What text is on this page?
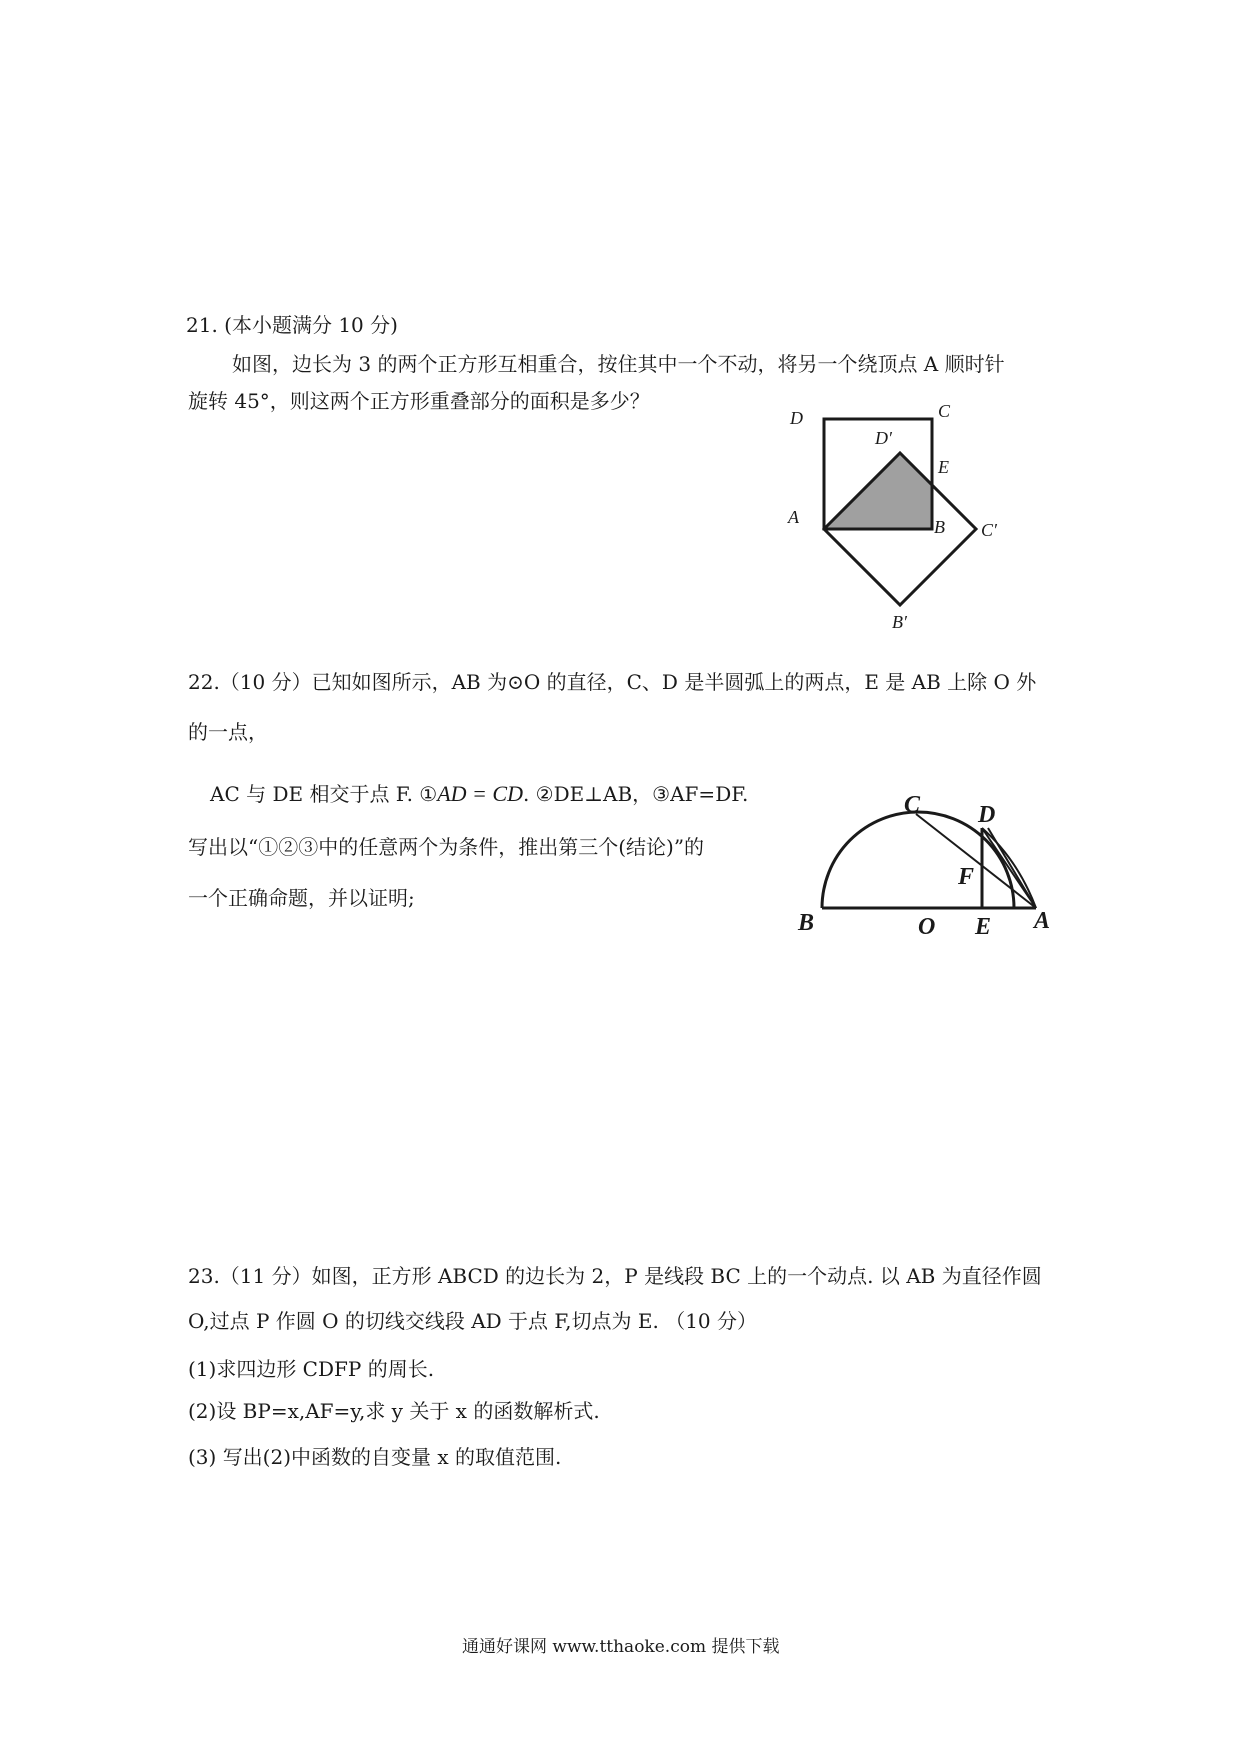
21. (本小题满分 10 分)
如图，边长为 3 的两个正方形互相重合，按住其中一个不动，将另一个绕顶点 A 顺时针
旋转 45°，则这两个正方形重叠部分的面积是多少？
D	C
D′
E
A	B C′
B′
22.（10 分）已知如图所示，AB 为⊙O 的直径，C、D 是半圆弧上的两点，E 是 AB 上除 O 外
的一点，
AC 与 DE 相交于点 F. ①AD = CD. ②DE⊥AB，③AF=DF.
写出以“①②③中的任意两个为条件，推出第三个(结论)”的
一个正确命题，并以证明;
C D
F
B	O E A
23.（11 分）如图，正方形 ABCD 的边长为 2，P 是线段 BC 上的一个动点. 以 AB 为直径作圆
O,过点 P 作圆 O 的切线交线段 AD 于点 F,切点为 E. （10 分）
(1)求四边形 CDFP 的周长.
(2)设 BP=x,AF=y,求 y 关于 x 的函数解析式.
(3) 写出(2)中函数的自变量 x 的取值范围.
通通好课网 www.tthaoke.com 提供下载
